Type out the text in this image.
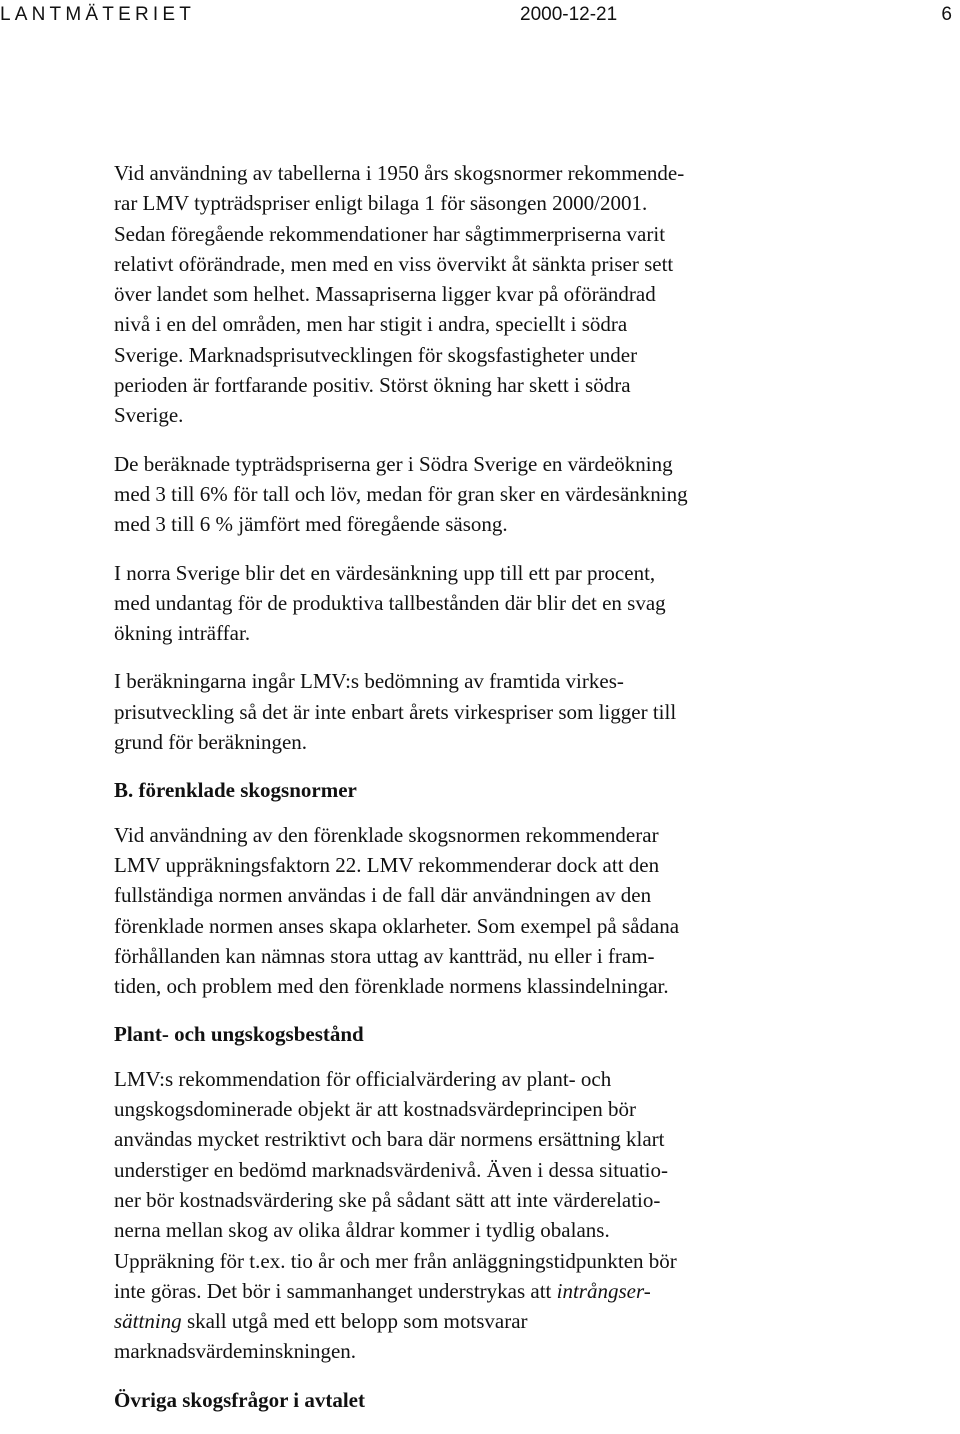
LANTMÄTERIET	2000-12-21	6

Vid användning av tabellerna i 1950 års skogsnormer rekommende-
rar LMV typträdspriser enligt bilaga 1 för säsongen 2000/2001.
Sedan föregående rekommendationer har sågtimmerpriserna varit
relativt oförändrade, men med en viss övervikt åt sänkta priser sett
över landet som helhet. Massapriserna ligger kvar på oförändrad
nivå i en del områden, men har stigit i andra, speciellt i södra
Sverige. Marknadsprisutvecklingen för skogsfastigheter under
perioden är fortfarande positiv. Störst ökning har skett i södra
Sverige.

De beräknade typträdspriserna ger i Södra Sverige en värdeökning
med 3 till 6% för tall och löv, medan för gran sker en värdesänkning
med 3 till 6 % jämfört med föregående säsong.

I norra Sverige blir det en värdesänkning upp till ett par procent,
med undantag för de produktiva tallbestånden där blir det en svag
ökning inträffar.

I beräkningarna ingår LMV:s bedömning av framtida virkes-
prisutveckling så det är inte enbart årets virkespriser som ligger till
grund för beräkningen.

B. förenklade skogsnormer

Vid användning av den förenklade skogsnormen rekommenderar
LMV uppräkningsfaktorn 22. LMV rekommenderar dock att den
fullständiga normen användas i de fall där användningen av den
förenklade normen anses skapa oklarheter. Som exempel på sådana
förhållanden kan nämnas stora uttag av kantträd, nu eller i fram-
tiden, och problem med den förenklade normens klassindelningar.

Plant- och ungskogsbestånd

LMV:s rekommendation för officialvärdering av plant- och
ungskogsdominerade objekt är att kostnadsvärdeprincipen bör
användas mycket restriktivt och bara där normens ersättning klart
understiger en bedömd marknadsvärdenivå. Även i dessa situatio-
ner bör kostnadsvärdering ske på sådant sätt att inte värderelatio-
nerna mellan skog av olika åldrar kommer i tydlig obalans.
Uppräkning för t.ex. tio år och mer från anläggningstidpunkten bör
inte göras. Det bör i sammanhanget understrykas att intrångser-
sättning skall utgå med ett belopp som motsvarar
marknadsvärdeminskningen.

Övriga skogsfrågor i avtalet
